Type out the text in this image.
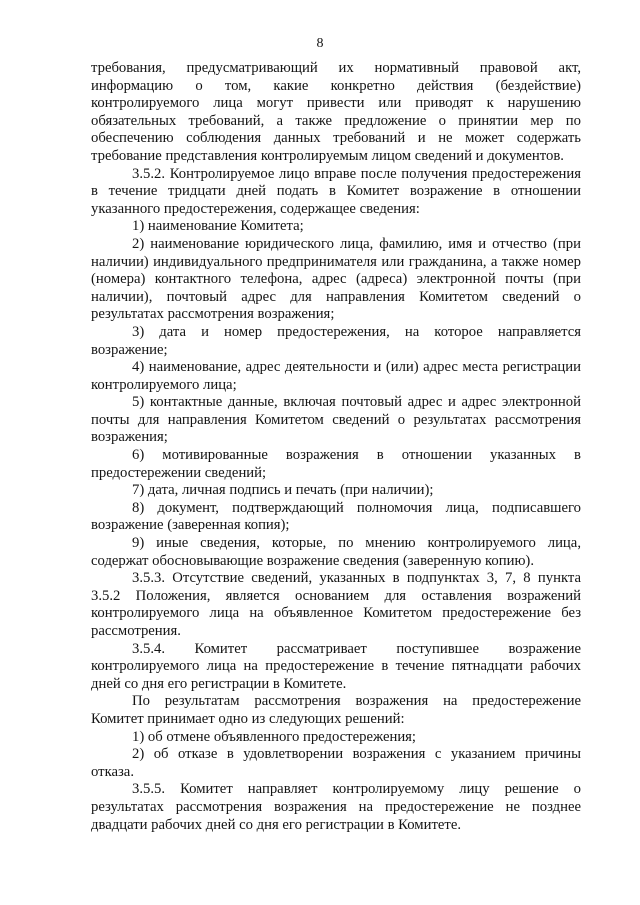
8

требования, предусматривающий их нормативный правовой акт, информацию о том, какие конкретно действия (бездействие) контролируемого лица могут привести или приводят к нарушению обязательных требований, а также предложение о принятии мер по обеспечению соблюдения данных требований и не может содержать требование представления контролируемым лицом сведений и документов.

3.5.2. Контролируемое лицо вправе после получения предостережения в течение тридцати дней подать в Комитет возражение в отношении указанного предостережения, содержащее сведения:

1) наименование Комитета;

2) наименование юридического лица, фамилию, имя и отчество (при наличии) индивидуального предпринимателя или гражданина, а также номер (номера) контактного телефона, адрес (адреса) электронной почты (при наличии), почтовый адрес для направления Комитетом сведений о результатах рассмотрения возражения;

3) дата и номер предостережения, на которое направляется возражение;

4) наименование, адрес деятельности и (или) адрес места регистрации контролируемого лица;

5) контактные данные, включая почтовый адрес и адрес электронной почты для направления Комитетом сведений о результатах рассмотрения возражения;

6) мотивированные возражения в отношении указанных в предостережении сведений;

7) дата, личная подпись и печать (при наличии);

8) документ, подтверждающий полномочия лица, подписавшего возражение (заверенная копия);

9) иные сведения, которые, по мнению контролируемого лица, содержат обосновывающие возражение сведения (заверенную копию).

3.5.3. Отсутствие сведений, указанных в подпунктах 3, 7, 8 пункта 3.5.2 Положения, является основанием для оставления возражений контролируемого лица на объявленное Комитетом предостережение без рассмотрения.

3.5.4. Комитет рассматривает поступившее возражение контролируемого лица на предостережение в течение пятнадцати рабочих дней со дня его регистрации в Комитете.

По результатам рассмотрения возражения на предостережение Комитет принимает одно из следующих решений:

1) об отмене объявленного предостережения;

2) об отказе в удовлетворении возражения с указанием причины отказа.

3.5.5. Комитет направляет контролируемому лицу решение о результатах рассмотрения возражения на предостережение не позднее двадцати рабочих дней со дня его регистрации в Комитете.
